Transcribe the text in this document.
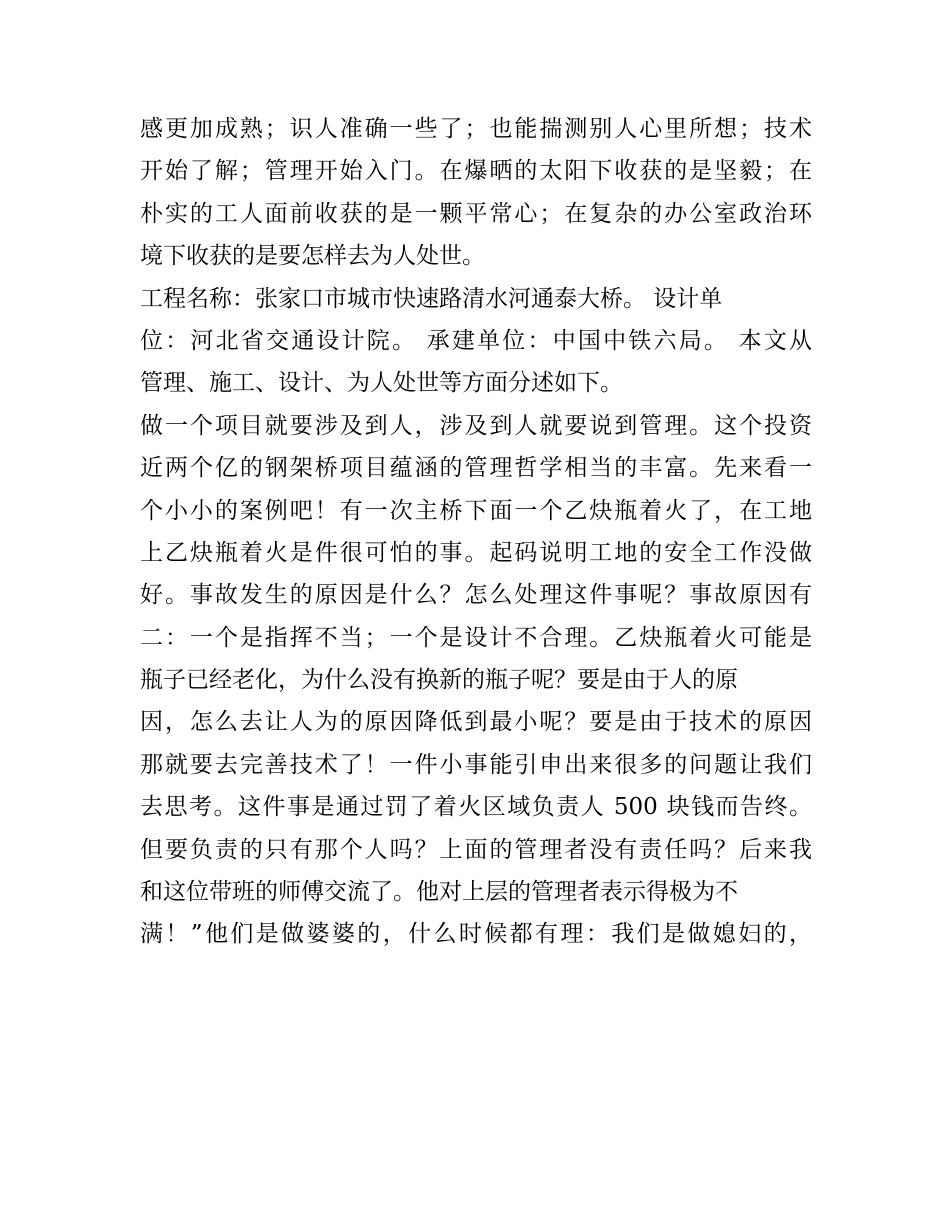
感更加成熟；识人准确一些了；也能揣测别人心里所想；技术
开始了解；管理开始入门。在爆晒的太阳下收获的是坚毅；在
朴实的工人面前收获的是一颗平常心；在复杂的办公室政治环
境下收获的是要怎样去为人处世。
工程名称：张家口市城市快速路清水河通泰大桥。 设计单
位：河北省交通设计院。 承建单位：中国中铁六局。 本文从
管理、施工、设计、为人处世等方面分述如下。
做一个项目就要涉及到人，涉及到人就要说到管理。这个投资
近两个亿的钢架桥项目蕴涵的管理哲学相当的丰富。先来看一
个小小的案例吧！有一次主桥下面一个乙炔瓶着火了，在工地
上乙炔瓶着火是件很可怕的事。起码说明工地的安全工作没做
好。事故发生的原因是什么？怎么处理这件事呢？事故原因有
二：一个是指挥不当；一个是设计不合理。乙炔瓶着火可能是
瓶子已经老化，为什么没有换新的瓶子呢？要是由于人的原
因，怎么去让人为的原因降低到最小呢？要是由于技术的原因
那就要去完善技术了！一件小事能引申出来很多的问题让我们
去思考。这件事是通过罚了着火区域负责人 500 块钱而告终。
但要负责的只有那个人吗？上面的管理者没有责任吗？后来我
和这位带班的师傅交流了。他对上层的管理者表示得极为不
满！”他们是做婆婆的，什么时候都有理：我们是做媳妇的，
